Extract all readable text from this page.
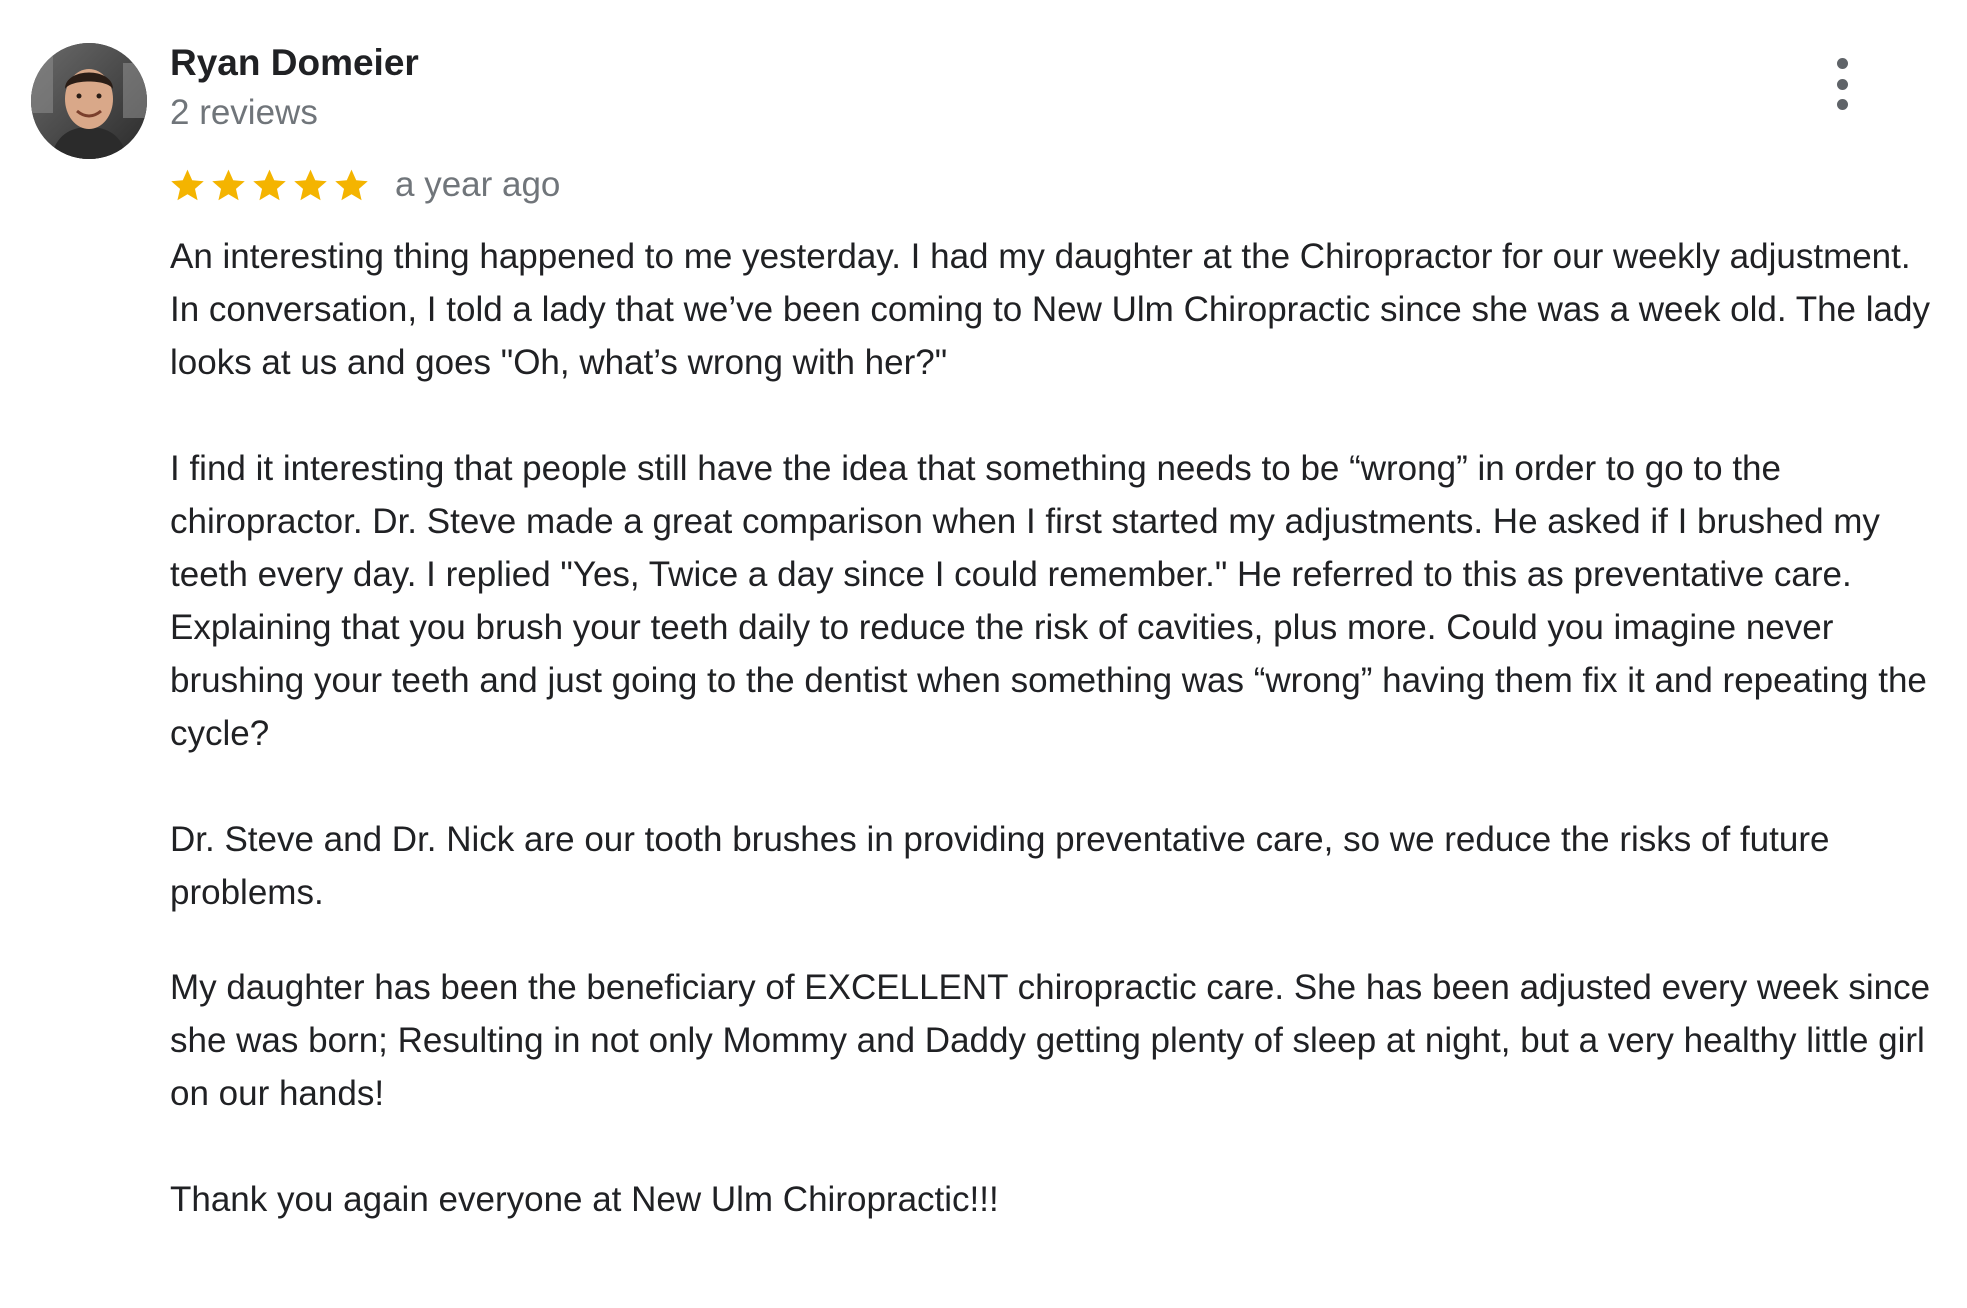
Ryan Domeier
2 reviews
a year ago

An interesting thing happened to me yesterday. I had my daughter at the Chiropractor for our weekly adjustment. In conversation, I told a lady that we’ve been coming to New Ulm Chiropractic since she was a week old. The lady looks at us and goes "Oh, what’s wrong with her?"

I find it interesting that people still have the idea that something needs to be “wrong” in order to go to the chiropractor. Dr. Steve made a great comparison when I first started my adjustments. He asked if I brushed my teeth every day. I replied "Yes, Twice a day since I could remember." He referred to this as preventative care. Explaining that you brush your teeth daily to reduce the risk of cavities, plus more. Could you imagine never brushing your teeth and just going to the dentist when something was “wrong” having them fix it and repeating the cycle?

Dr. Steve and Dr. Nick are our tooth brushes in providing preventative care, so we reduce the risks of future problems.

My daughter has been the beneficiary of EXCELLENT chiropractic care. She has been adjusted every week since she was born; Resulting in not only Mommy and Daddy getting plenty of sleep at night, but a very healthy little girl on our hands!

Thank you again everyone at New Ulm Chiropractic!!!
